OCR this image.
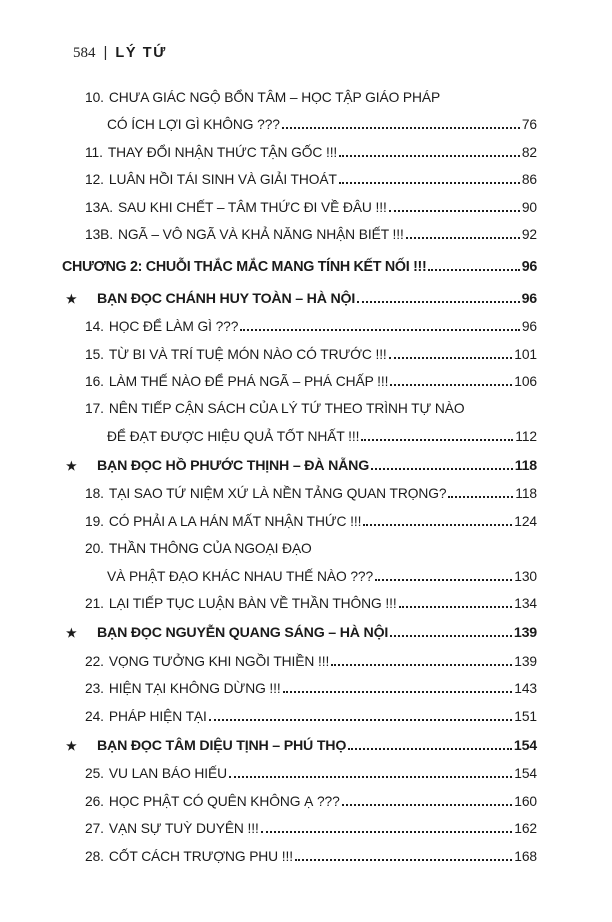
584 | LÝ TỨ
10. CHƯA GIÁC NGỘ BỔN TÂM – HỌC TẬP GIÁO PHÁP
CÓ ÍCH LỢI GÌ KHÔNG ???	76
11. THAY ĐỔI NHẬN THỨC TẬN GỐC !!!	82
12. LUÂN HỒI TÁI SINH VÀ GIẢI THOÁT	86
13A. SAU KHI CHẾT – TÂM THỨC ĐI VỀ ĐÂU !!!	90
13B. NGÃ – VÔ NGÃ VÀ KHẢ NĂNG NHẬN BIẾT !!!	92
CHƯƠNG 2: CHUỖI THẮC MẮC MANG TÍNH KẾT NỐI !!!	96
★	BẠN ĐỌC CHÁNH HUY TOÀN – HÀ NỘI	96
14. HỌC ĐỂ LÀM GÌ ???	96
15. TỪ BI VÀ TRÍ TUỆ MÓN NÀO CÓ TRƯỚC !!!	101
16. LÀM THẾ NÀO ĐỂ PHÁ NGÃ – PHÁ CHẤP !!!	106
17. NÊN TIẾP CẬN SÁCH CỦA LÝ TỨ THEO TRÌNH TỰ NÀO
ĐỂ ĐẠT ĐƯỢC HIỆU QUẢ TỐT NHẤT !!!	112
★	BẠN ĐỌC HỒ PHƯỚC THỊNH – ĐÀ NẴNG	118
18. TẠI SAO TỨ NIỆM XỨ LÀ NỀN TẢNG QUAN TRỌNG?	118
19. CÓ PHẢI A LA HÁN MẤT NHẬN THỨC !!!	124
20. THẦN THÔNG CỦA NGOẠI ĐẠO
VÀ PHẬT ĐẠO KHÁC NHAU THẾ NÀO ???	130
21. LẠI TIẾP TỤC LUẬN BÀN VỀ THẦN THÔNG !!!	134
★	BẠN ĐỌC NGUYỄN QUANG SÁNG – HÀ NỘI	139
22. VỌNG TƯỞNG KHI NGỒI THIỀN !!!	139
23. HIỆN TẠI KHÔNG DỪNG !!!	143
24. PHÁP HIỆN TẠI	151
★	BẠN ĐỌC TÂM DIỆU TỊNH – PHÚ THỌ	154
25. VU LAN BÁO HIẾU	154
26. HỌC PHẬT CÓ QUÊN KHÔNG Ạ ???	160
27. VẠN SỰ TUỲ DUYÊN !!!	162
28. CỐT CÁCH TRƯỢNG PHU !!!	168
